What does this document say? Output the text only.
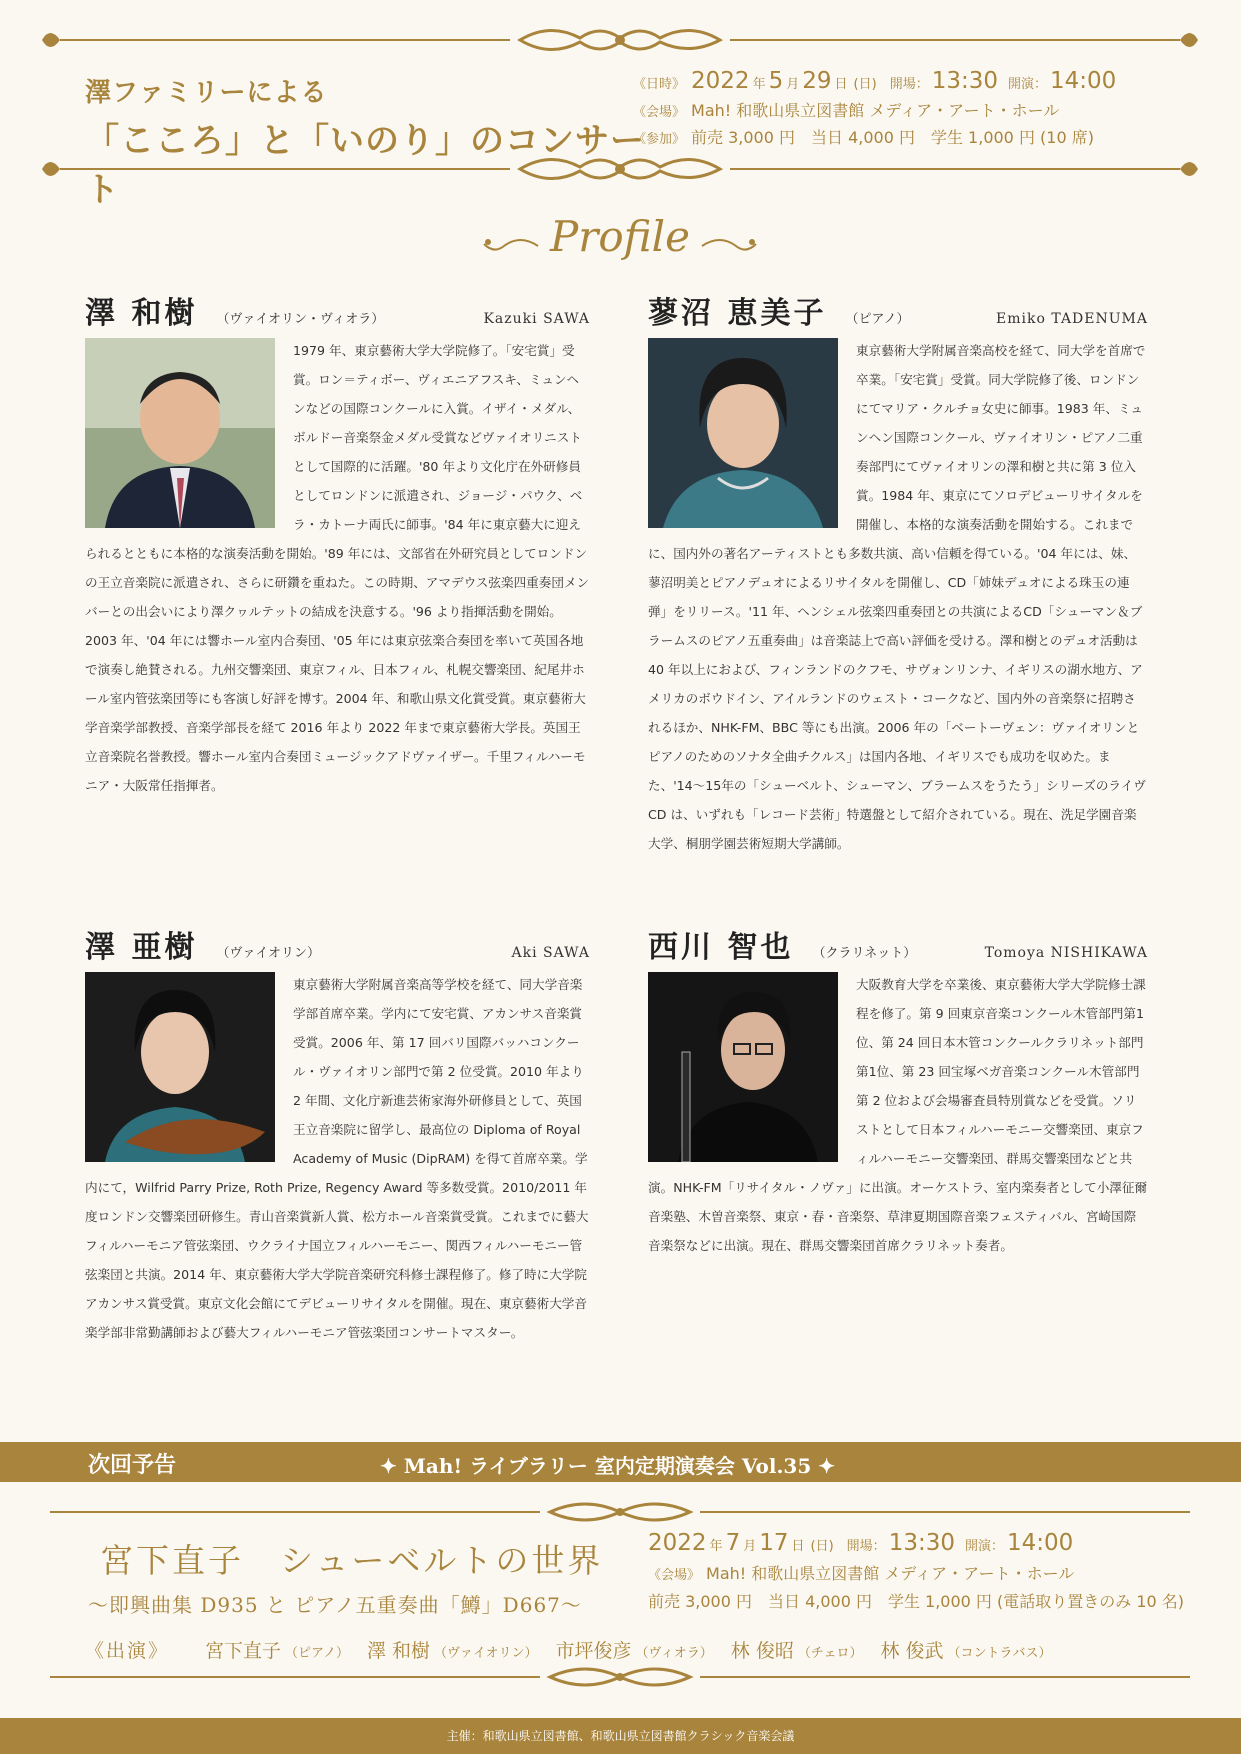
澤ファミリーによる
「こころ」と「いのり」のコンサート
《日時》 2022 年 5 月 29 日 (日) 開場： 13:30 開演： 14:00
《会場》 Mah! 和歌山県立図書館 メディア・アート・ホール
《参加》 前売 3,000 円　当日 4,000 円　学生 1,000 円 (10 席)
Profile
澤 和樹 （ヴァイオリン・ヴィオラ）	Kazuki SAWA
1979 年、東京藝術大学大学院修了。「安宅賞」受賞。ロン＝ティボー、ヴィエニアフスキ、ミュンヘンなどの国際コンクールに入賞。イザイ・メダル、ボルドー音楽祭金メダル受賞などヴァイオリニストとして国際的に活躍。'80 年より文化庁在外研修員としてロンドンに派遣され、ジョージ・パウク、ベラ・カトーナ両氏に師事。'84 年に東京藝大に迎えられるとともに本格的な演奏活動を開始。'89 年には、文部省在外研究員としてロンドンの王立音楽院に派遣され、さらに研鑽を重ねた。この時期、アマデウス弦楽四重奏団メンバーとの出会いにより澤クヮルテットの結成を決意する。'96 より指揮活動を開始。2003 年、'04 年には響ホール室内合奏団、'05 年には東京弦楽合奏団を率いて英国各地で演奏し絶賛される。九州交響楽団、東京フィル、日本フィル、札幌交響楽団、紀尾井ホール室内管弦楽団等にも客演し好評を博す。2004 年、和歌山県文化賞受賞。東京藝術大学音楽学部教授、音楽学部長を経て 2016 年より 2022 年まで東京藝術大学長。英国王立音楽院名誉教授。響ホール室内合奏団ミュージックアドヴァイザー。千里フィルハーモニア・大阪常任指揮者。
蓼沼 恵美子 （ピアノ）	Emiko TADENUMA
東京藝術大学附属音楽高校を経て、同大学を首席で卒業。「安宅賞」受賞。同大学院修了後、ロンドンにてマリア・クルチョ女史に師事。1983 年、ミュンヘン国際コンクール、ヴァイオリン・ピアノ二重奏部門にてヴァイオリンの澤和樹と共に第 3 位入賞。1984 年、東京にてソロデビューリサイタルを開催し、本格的な演奏活動を開始する。これまでに、国内外の著名アーティストとも多数共演、高い信頼を得ている。'04 年には、妹、蓼沼明美とピアノデュオによるリサイタルを開催し、CD「姉妹デュオによる珠玉の連弾」をリリース。'11 年、ヘンシェル弦楽四重奏団との共演によるCD「シューマン＆ブラームスのピアノ五重奏曲」は音楽誌上で高い評価を受ける。澤和樹とのデュオ活動は 40 年以上におよび、フィンランドのクフモ、サヴォンリンナ、イギリスの湖水地方、アメリカのボウドイン、アイルランドのウェスト・コークなど、国内外の音楽祭に招聘されるほか、NHK-FM、BBC 等にも出演。2006 年の「ベートーヴェン：ヴァイオリンとピアノのためのソナタ全曲チクルス」は国内各地、イギリスでも成功を収めた。また、'14～15年の「シューベルト、シューマン、ブラームスをうたう」シリーズのライヴ CD は、いずれも「レコード芸術」特選盤として紹介されている。現在、洗足学園音楽大学、桐朋学園芸術短期大学講師。
澤 亜樹 （ヴァイオリン）	Aki SAWA
東京藝術大学附属音楽高等学校を経て、同大学音楽学部首席卒業。学内にて安宅賞、アカンサス音楽賞受賞。2006 年、第 17 回バリ国際バッハコンクール・ヴァイオリン部門で第 2 位受賞。2010 年より 2 年間、文化庁新進芸術家海外研修員として、英国王立音楽院に留学し、最高位の Diploma of Royal Academy of Music (DipRAM) を得て首席卒業。学内にて，Wilfrid Parry Prize, Roth Prize, Regency Award 等多数受賞。2010/2011 年度ロンドン交響楽団研修生。青山音楽賞新人賞、松方ホール音楽賞受賞。これまでに藝大フィルハーモニア管弦楽団、ウクライナ国立フィルハーモニー、関西フィルハーモニー管弦楽団と共演。2014 年、東京藝術大学大学院音楽研究科修士課程修了。修了時に大学院アカンサス賞受賞。東京文化会館にてデビューリサイタルを開催。現在、東京藝術大学音楽学部非常勤講師および藝大フィルハーモニア管弦楽団コンサートマスター。
西川 智也 （クラリネット）	Tomoya NISHIKAWA
大阪教育大学を卒業後、東京藝術大学大学院修士課程を修了。第 9 回東京音楽コンクール木管部門第1位、第 24 回日本木管コンクールクラリネット部門第1位、第 23 回宝塚ベガ音楽コンクール木管部門第 2 位および会場審査員特別賞などを受賞。ソリストとして日本フィルハーモニー交響楽団、東京フィルハーモニー交響楽団、群馬交響楽団などと共演。NHK-FM「リサイタル・ノヴァ」に出演。オーケストラ、室内楽奏者として小澤征爾音楽塾、木曽音楽祭、東京・春・音楽祭、草津夏期国際音楽フェスティバル、宮崎国際音楽祭などに出演。現在、群馬交響楽団首席クラリネット奏者。
次回予告	✦ Mah! ライブラリー 室内定期演奏会 Vol.35 ✦
宮下直子　シューベルトの世界
～即興曲集 D935 と ピアノ五重奏曲「鱒」D667～
2022 年 7 月 17 日 (日) 開場： 13:30 開演： 14:00
《会場》 Mah! 和歌山県立図書館 メディア・アート・ホール
前売 3,000 円　当日 4,000 円　学生 1,000 円 (電話取り置きのみ 10 名)
《出演》 宮下直子 （ピアノ） 澤 和樹 （ヴァイオリン） 市坪俊彦 （ヴィオラ） 林 俊昭 （チェロ） 林 俊武 （コントラバス）
主催：和歌山県立図書館、和歌山県立図書館クラシック音楽会議
